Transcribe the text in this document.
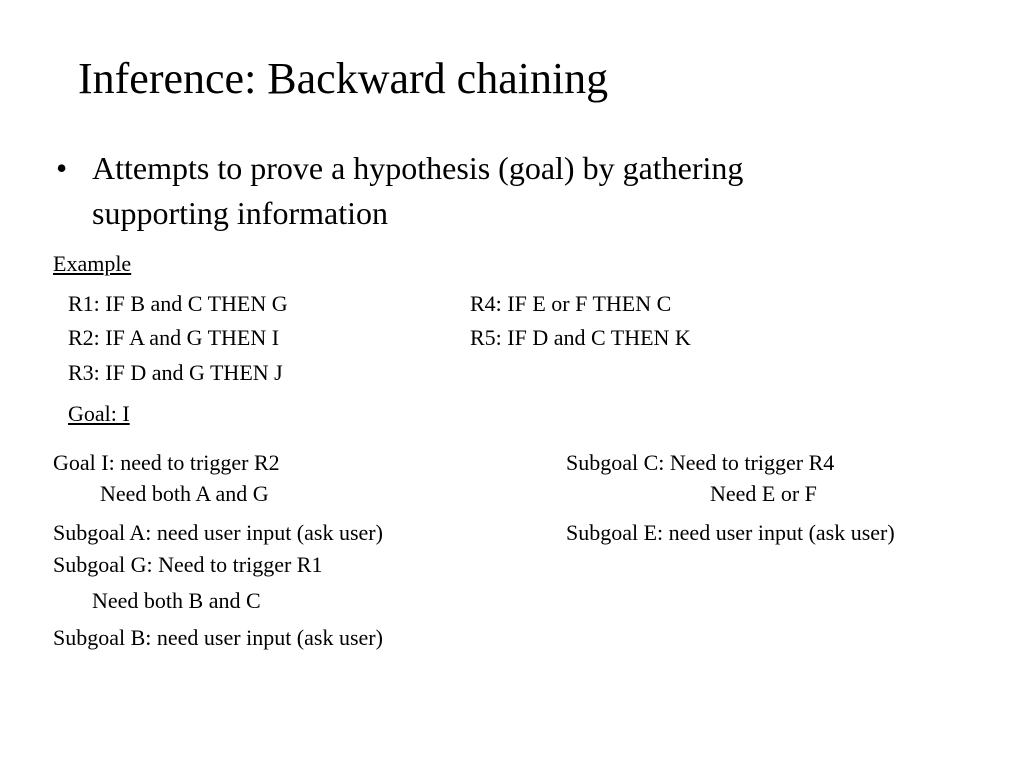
Inference: Backward chaining
• Attempts to prove a hypothesis (goal) by gathering
supporting information
Example
R1: IF B and C THEN G
R2: IF A and G THEN I
R3: IF D and G THEN J
R4: IF E or F THEN C
R5: IF D and C THEN K
Goal: I
Goal I: need to trigger R2
Need both A and G
Subgoal A: need user input (ask user)
Subgoal G: Need to trigger R1
Need both B and C
Subgoal B: need user input (ask user)
Subgoal C: Need to trigger R4
Need E or F
Subgoal E: need user input (ask user)
